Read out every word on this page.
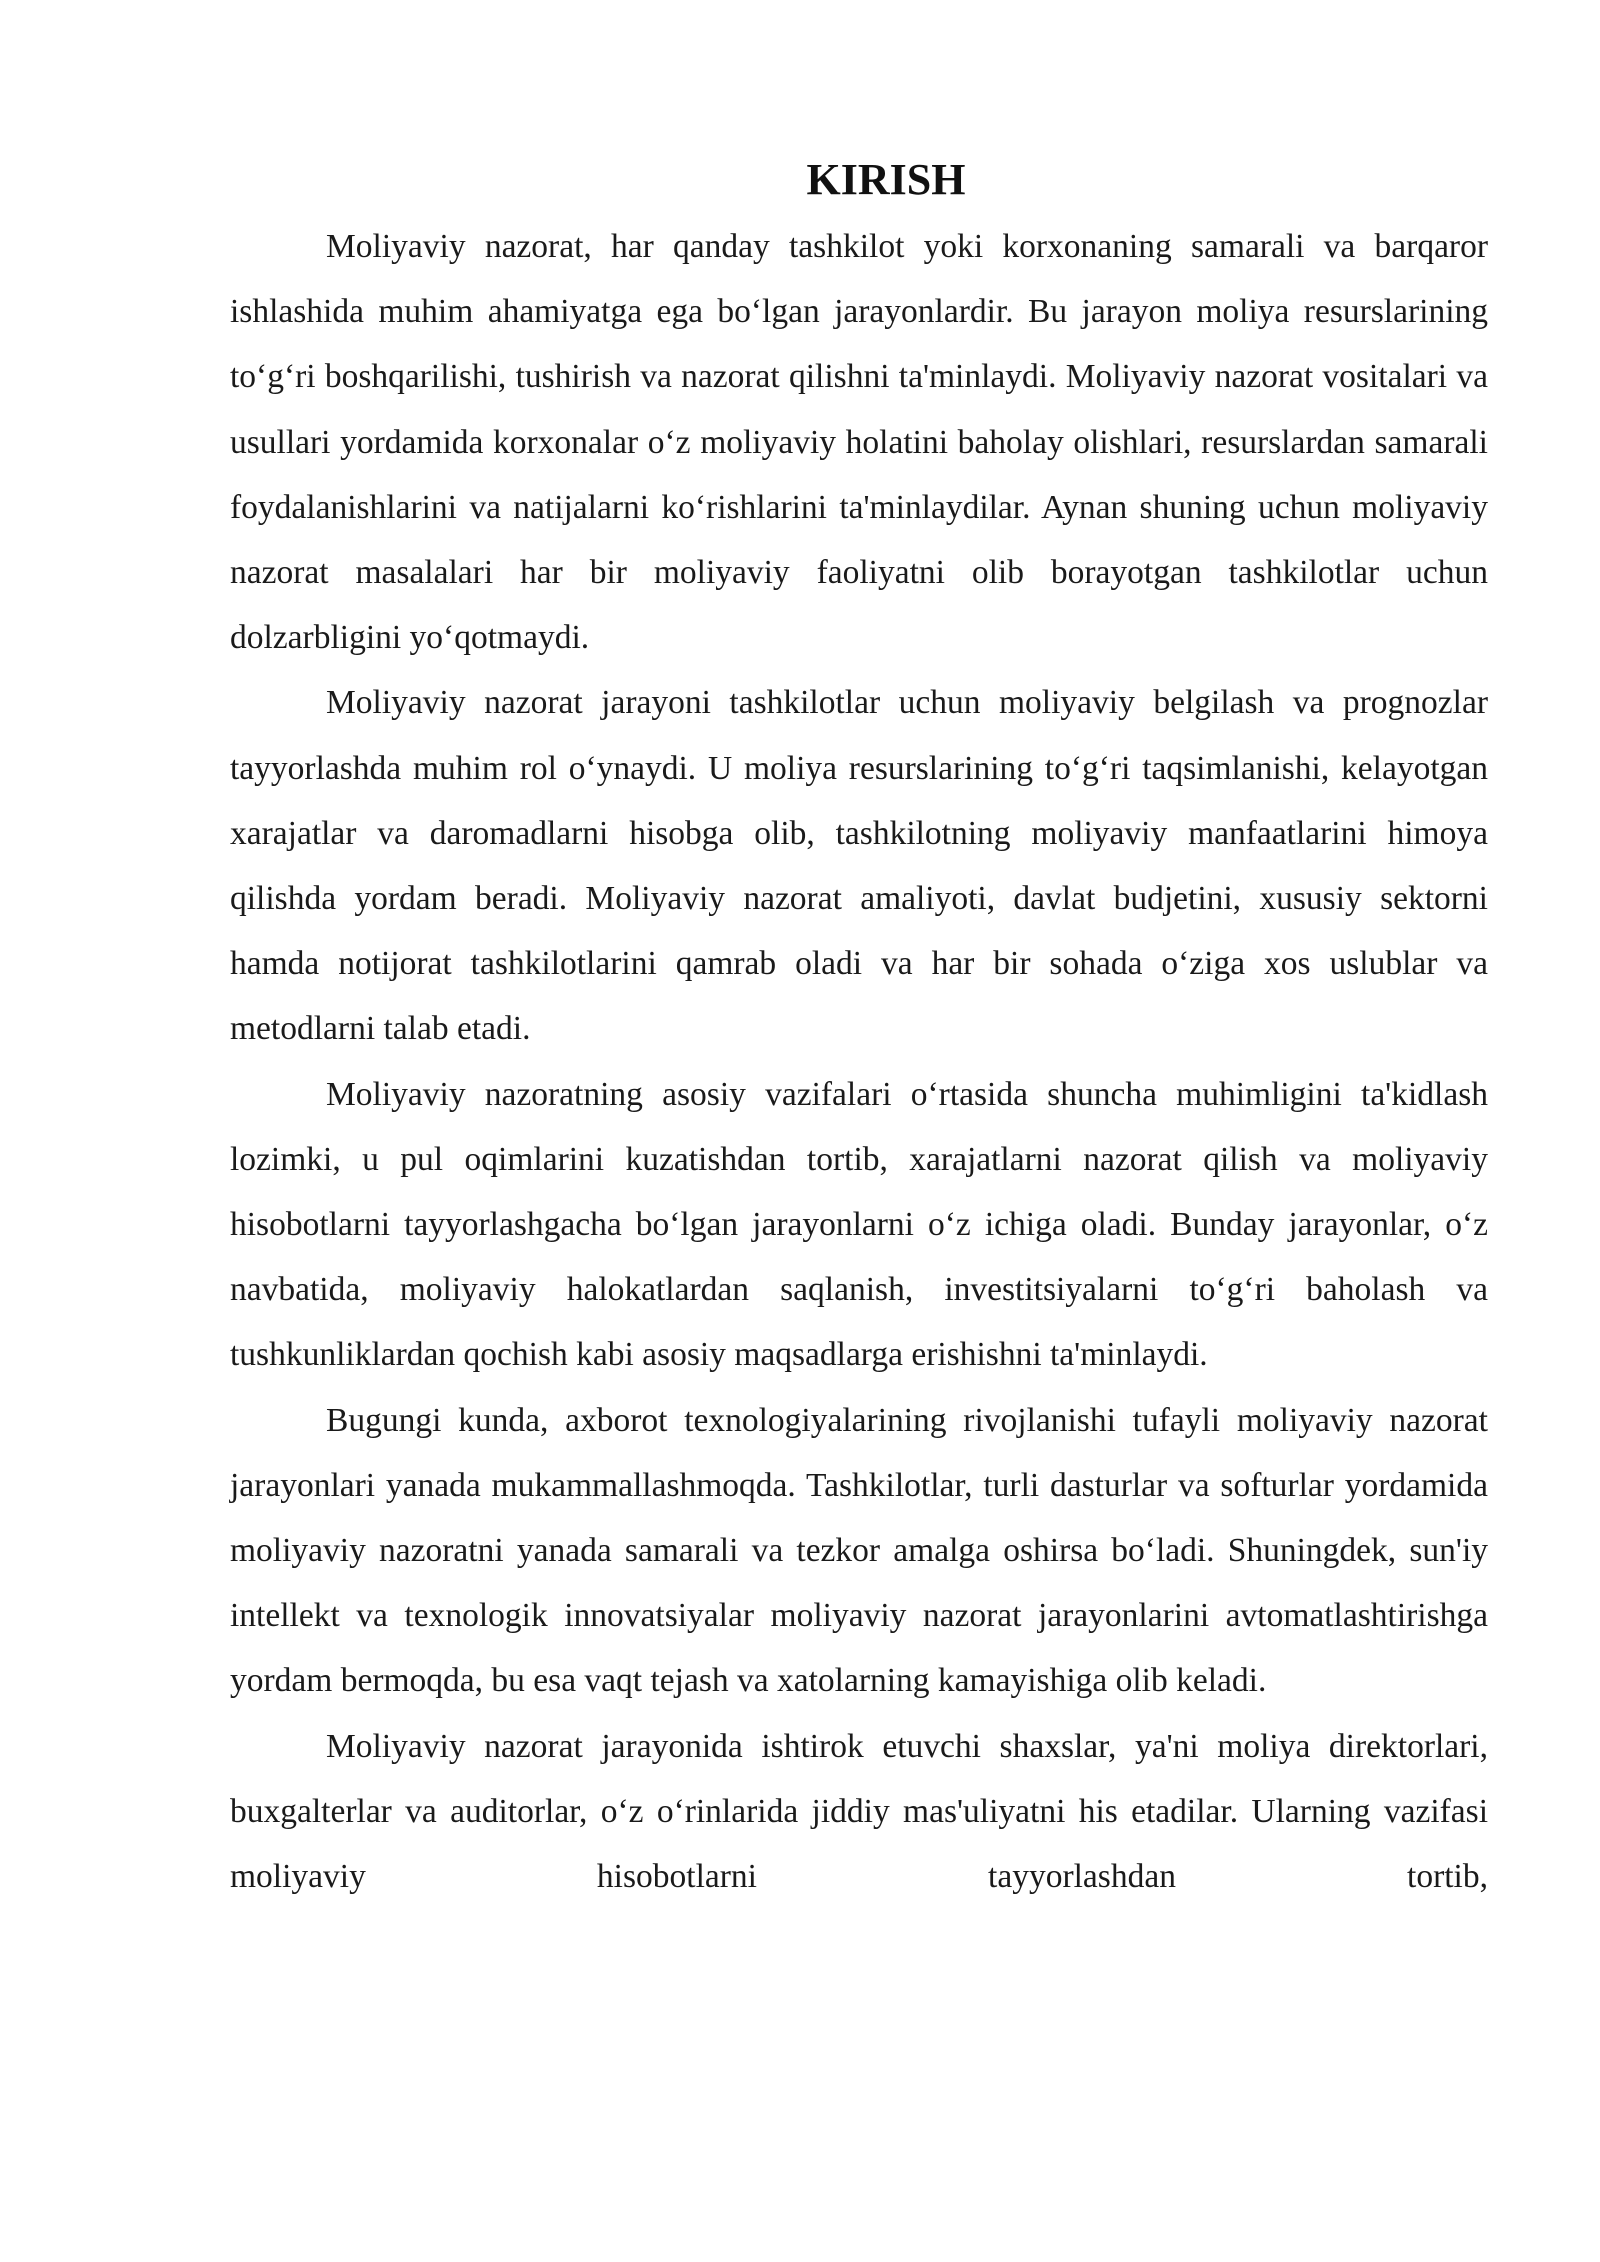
KIRISH

Moliyaviy nazorat, har qanday tashkilot yoki korxonaning samarali va barqaror ishlashida muhim ahamiyatga ega bo‘lgan jarayonlardir. Bu jarayon moliya resurslarining to‘g‘ri boshqarilishi, tushirish va nazorat qilishni ta'minlaydi. Moliyaviy nazorat vositalari va usullari yordamida korxonalar o‘z moliyaviy holatini baholay olishlari, resurslardan samarali foydalanishlarini va natijalarni ko‘rishlarini ta'minlaydilar. Aynan shuning uchun moliyaviy nazorat masalalari har bir moliyaviy faoliyatni olib borayotgan tashkilotlar uchun dolzarbligini yo‘qotmaydi.

Moliyaviy nazorat jarayoni tashkilotlar uchun moliyaviy belgilash va prognozlar tayyorlashda muhim rol o‘ynaydi. U moliya resurslarining to‘g‘ri taqsimlanishi, kelayotgan xarajatlar va daromadlarni hisobga olib, tashkilotning moliyaviy manfaatlarini himoya qilishda yordam beradi. Moliyaviy nazorat amaliyoti, davlat budjetini, xususiy sektorni hamda notijorat tashkilotlarini qamrab oladi va har bir sohada o‘ziga xos uslublar va metodlarni talab etadi.

Moliyaviy nazoratning asosiy vazifalari o‘rtasida shuncha muhimligini ta'kidlash lozimki, u pul oqimlarini kuzatishdan tortib, xarajatlarni nazorat qilish va moliyaviy hisobotlarni tayyorlashgacha bo‘lgan jarayonlarni o‘z ichiga oladi. Bunday jarayonlar, o‘z navbatida, moliyaviy halokatlardan saqlanish, investitsiyalarni to‘g‘ri baholash va tushkunliklardan qochish kabi asosiy maqsadlarga erishishni ta'minlaydi.

Bugungi kunda, axborot texnologiyalarining rivojlanishi tufayli moliyaviy nazorat jarayonlari yanada mukammallashmoqda. Tashkilotlar, turli dasturlar va softurlar yordamida moliyaviy nazoratni yanada samarali va tezkor amalga oshirsa bo‘ladi. Shuningdek, sun'iy intellekt va texnologik innovatsiyalar moliyaviy nazorat jarayonlarini avtomatlashtirishga yordam bermoqda, bu esa vaqt tejash va xatolarning kamayishiga olib keladi.

Moliyaviy nazorat jarayonida ishtirok etuvchi shaxslar, ya'ni moliya direktorlari, buxgalterlar va auditorlar, o‘z o‘rinlarida jiddiy mas'uliyatni his etadilar. Ularning vazifasi moliyaviy hisobotlarni tayyorlashdan tortib,
